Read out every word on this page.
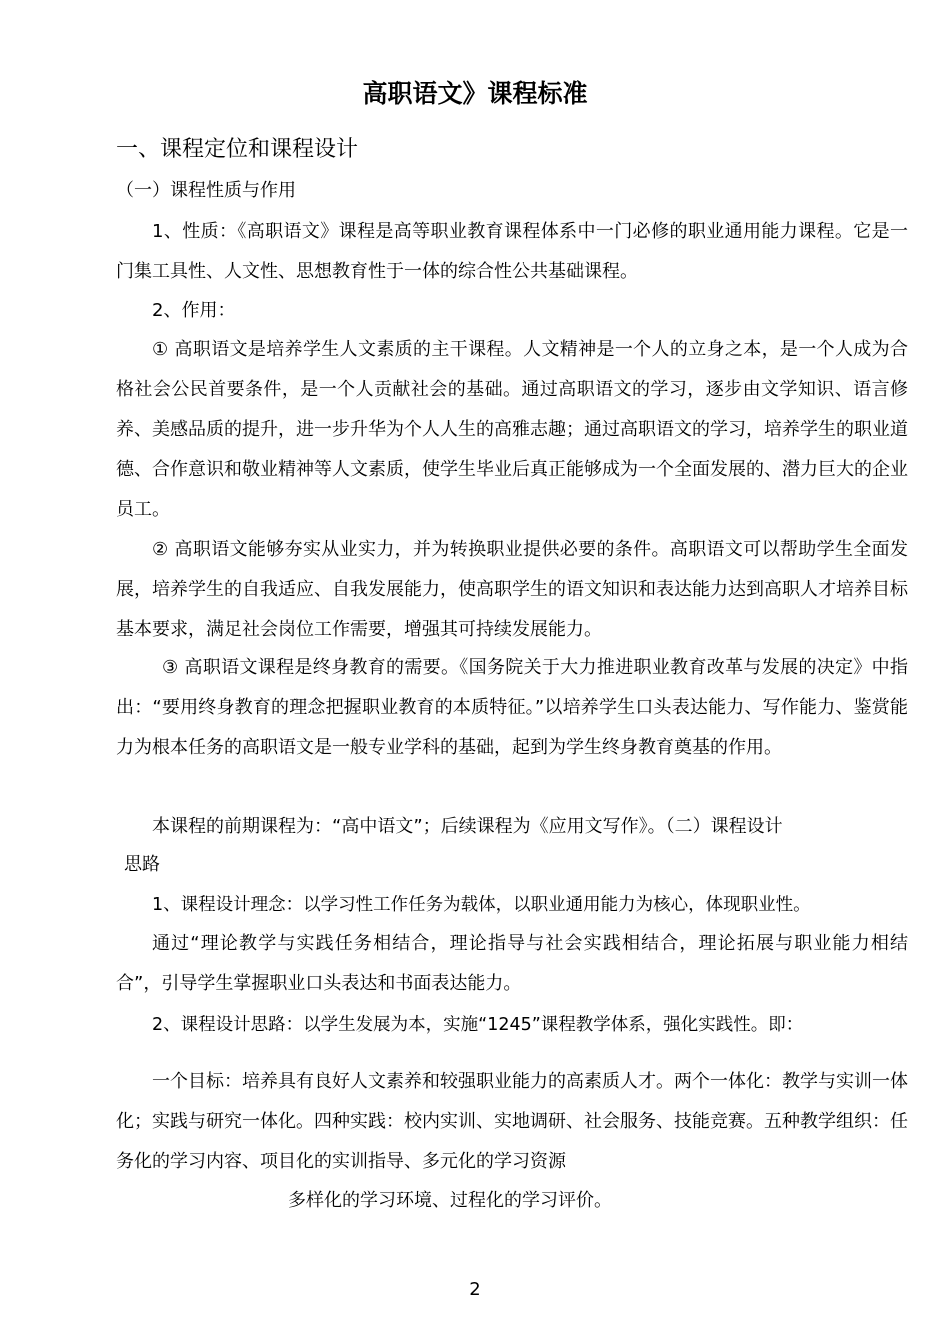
高职语文》课程标准
一、课程定位和课程设计
（一）课程性质与作用
1、性质：《高职语文》课程是高等职业教育课程体系中一门必修的职业通用能力课程。它是一门集工具性、人文性、思想教育性于一体的综合性公共基础课程。
2、作用：
① 高职语文是培养学生人文素质的主干课程。人文精神是一个人的立身之本，是一个人成为合格社会公民首要条件，是一个人贡献社会的基础。通过高职语文的学习，逐步由文学知识、语言修养、美感品质的提升，进一步升华为个人人生的高雅志趣；通过高职语文的学习，培养学生的职业道德、合作意识和敬业精神等人文素质，使学生毕业后真正能够成为一个全面发展的、潜力巨大的企业员工。
② 高职语文能够夯实从业实力，并为转换职业提供必要的条件。高职语文可以帮助学生全面发展，培养学生的自我适应、自我发展能力，使高职学生的语文知识和表达能力达到高职人才培养目标基本要求，满足社会岗位工作需要，增强其可持续发展能力。
③ 高职语文课程是终身教育的需要。《国务院关于大力推进职业教育改革与发展的决定》中指出：“要用终身教育的理念把握职业教育的本质特征。”以培养学生口头表达能力、写作能力、鉴赏能力为根本任务的高职语文是一般专业学科的基础，起到为学生终身教育奠基的作用。
本课程的前期课程为：“高中语文”；后续课程为《应用文写作》。（二）课程设计
思路
1、课程设计理念：以学习性工作任务为载体，以职业通用能力为核心，体现职业性。
通过“理论教学与实践任务相结合，理论指导与社会实践相结合，理论拓展与职业能力相结合”，引导学生掌握职业口头表达和书面表达能力。
2、课程设计思路：以学生发展为本，实施“1245”课程教学体系，强化实践性。即：
一个目标：培养具有良好人文素养和较强职业能力的高素质人才。两个一体化：教学与实训一体化；实践与研究一体化。四种实践：校内实训、实地调研、社会服务、技能竞赛。五种教学组织：任务化的学习内容、项目化的实训指导、多元化的学习资源
多样化的学习环境、过程化的学习评价。
2
